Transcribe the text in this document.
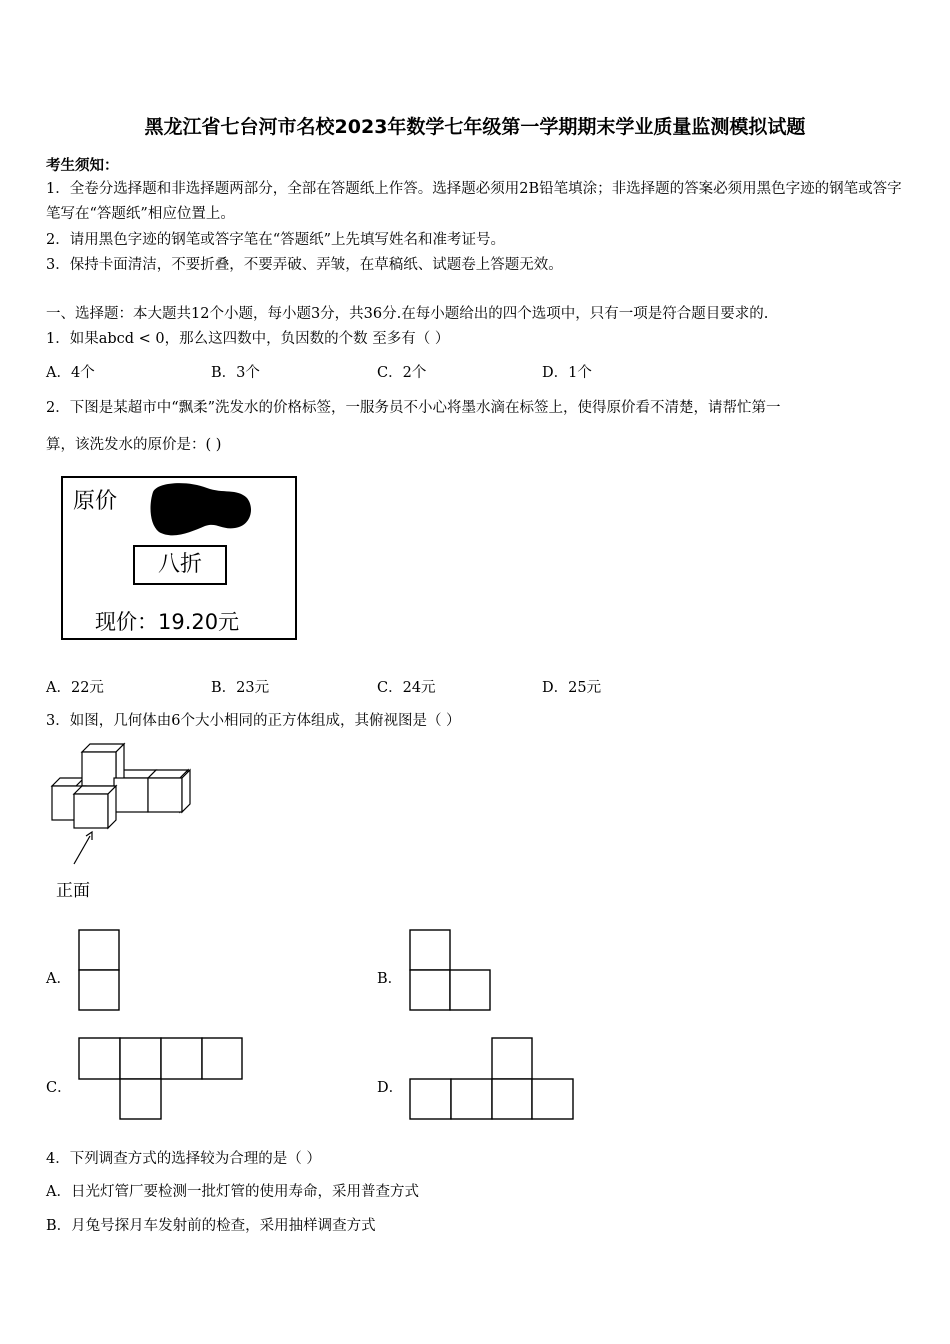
黑龙江省七台河市名校2023年数学七年级第一学期期末学业质量监测模拟试题
考生须知：
1．全卷分选择题和非选择题两部分，全部在答题纸上作答。选择题必须用2B铅笔填涂；非选择题的答案必须用黑色字迹的钢笔或答字笔写在“答题纸”相应位置上。
2．请用黑色字迹的钢笔或答字笔在“答题纸”上先填写姓名和准考证号。
3．保持卡面清洁，不要折叠，不要弄破、弄皱，在草稿纸、试题卷上答题无效。
一、选择题：本大题共12个小题，每小题3分，共36分.在每小题给出的四个选项中，只有一项是符合题目要求的.
1．如果abcd < 0，那么这四数中，负因数的个数 至多有（ ）
A．4个	B．3个	C．2个	D．1个
2．下图是某超市中“飘柔”洗发水的价格标签，一服务员不小心将墨水滴在标签上，使得原价看不清楚，请帮忙第一
算，该洗发水的原价是：( )
原价
八折
现价：19.20元
A．22元	B．23元	C．24元	D．25元
3．如图，几何体由6个大小相同的正方体组成，其俯视图是（ ）
正面
A．	B．
C．	D．
4．下列调查方式的选择较为合理的是（ ）
A．日光灯管厂要检测一批灯管的使用寿命，采用普查方式
B．月兔号探月车发射前的检查，采用抽样调查方式
